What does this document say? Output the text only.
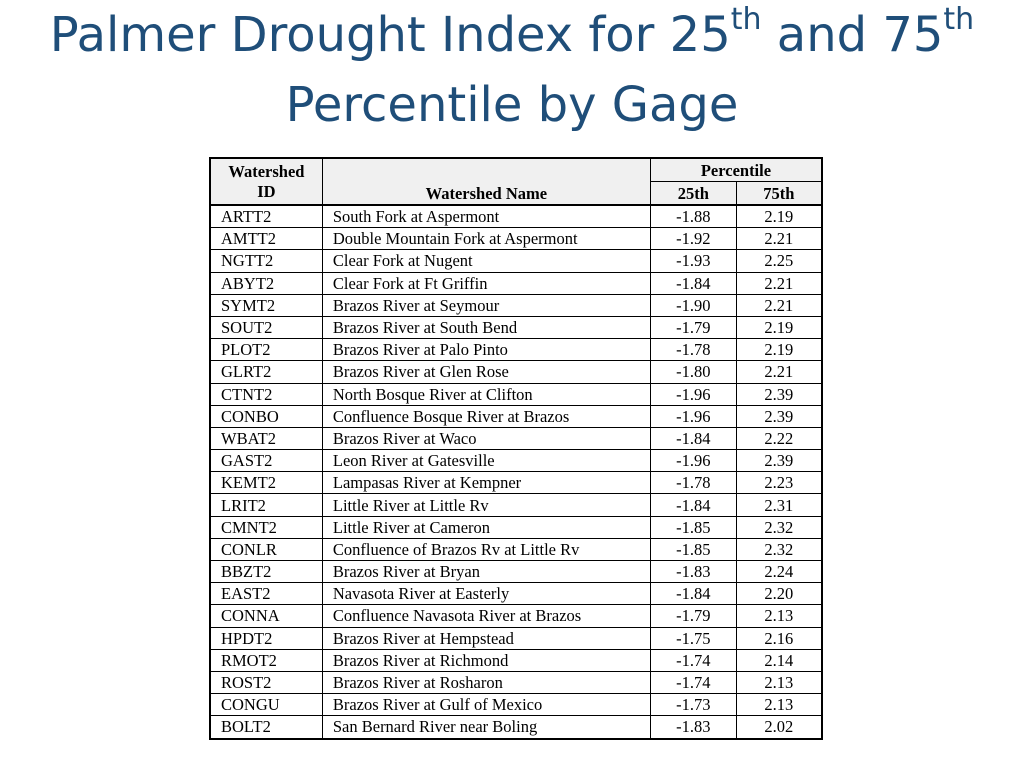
Palmer Drought Index for 25th and 75th
Percentile by Gage
Watershed
ID	Watershed Name	Percentile	
		25th	75th
ARTT2	South Fork at Aspermont	-1.88	2.19
AMTT2	Double Mountain Fork at Aspermont	-1.92	2.21
NGTT2	Clear Fork at Nugent	-1.93	2.25
ABYT2	Clear Fork at Ft Griffin	-1.84	2.21
SYMT2	Brazos River at Seymour	-1.90	2.21
SOUT2	Brazos River at South Bend	-1.79	2.19
PLOT2	Brazos River at Palo Pinto	-1.78	2.19
GLRT2	Brazos River at Glen Rose	-1.80	2.21
CTNT2	North Bosque River at Clifton	-1.96	2.39
CONBO	Confluence Bosque River at Brazos	-1.96	2.39
WBAT2	Brazos River at Waco	-1.84	2.22
GAST2	Leon River at Gatesville	-1.96	2.39
KEMT2	Lampasas River at Kempner	-1.78	2.23
LRIT2	Little River at Little Rv	-1.84	2.31
CMNT2	Little River at Cameron	-1.85	2.32
CONLR	Confluence of Brazos Rv at Little Rv	-1.85	2.32
BBZT2	Brazos River at Bryan	-1.83	2.24
EAST2	Navasota River at Easterly	-1.84	2.20
CONNA	Confluence Navasota River at Brazos	-1.79	2.13
HPDT2	Brazos River at Hempstead	-1.75	2.16
RMOT2	Brazos River at Richmond	-1.74	2.14
ROST2	Brazos River at Rosharon	-1.74	2.13
CONGU	Brazos River at Gulf of Mexico	-1.73	2.13
BOLT2	San Bernard River near Boling	-1.83	2.02
